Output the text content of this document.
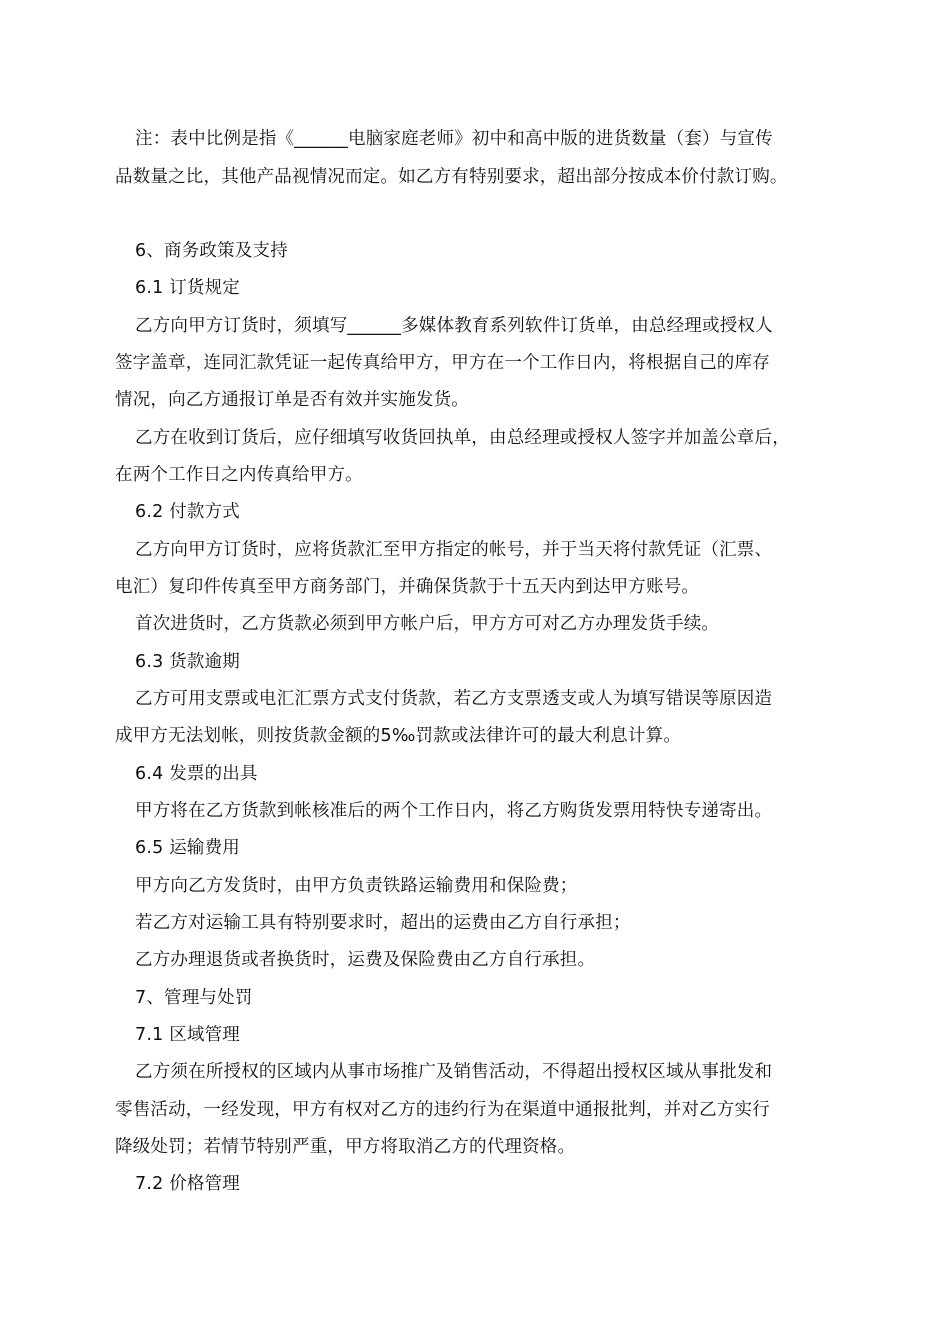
注：表中比例是指《______电脑家庭老师》初中和高中版的进货数量（套）与宣传
品数量之比，其他产品视情况而定。如乙方有特别要求，超出部分按成本价付款订购。
6、商务政策及支持
6.1 订货规定
乙方向甲方订货时，须填写______多媒体教育系列软件订货单，由总经理或授权人
签字盖章，连同汇款凭证一起传真给甲方，甲方在一个工作日内，将根据自己的库存
情况，向乙方通报订单是否有效并实施发货。
乙方在收到订货后，应仔细填写收货回执单，由总经理或授权人签字并加盖公章后，
在两个工作日之内传真给甲方。
6.2 付款方式
乙方向甲方订货时，应将货款汇至甲方指定的帐号，并于当天将付款凭证（汇票、
电汇）复印件传真至甲方商务部门，并确保货款于十五天内到达甲方账号。
首次进货时，乙方货款必须到甲方帐户后，甲方方可对乙方办理发货手续。
6.3 货款逾期
乙方可用支票或电汇汇票方式支付货款，若乙方支票透支或人为填写错误等原因造
成甲方无法划帐，则按货款金额的5‰罚款或法律许可的最大利息计算。
6.4 发票的出具
甲方将在乙方货款到帐核准后的两个工作日内，将乙方购货发票用特快专递寄出。
6.5 运输费用
甲方向乙方发货时，由甲方负责铁路运输费用和保险费；
若乙方对运输工具有特别要求时，超出的运费由乙方自行承担；
乙方办理退货或者换货时，运费及保险费由乙方自行承担。
7、管理与处罚
7.1 区域管理
乙方须在所授权的区域内从事市场推广及销售活动，不得超出授权区域从事批发和
零售活动，一经发现，甲方有权对乙方的违约行为在渠道中通报批判，并对乙方实行
降级处罚；若情节特别严重，甲方将取消乙方的代理资格。
7.2 价格管理
